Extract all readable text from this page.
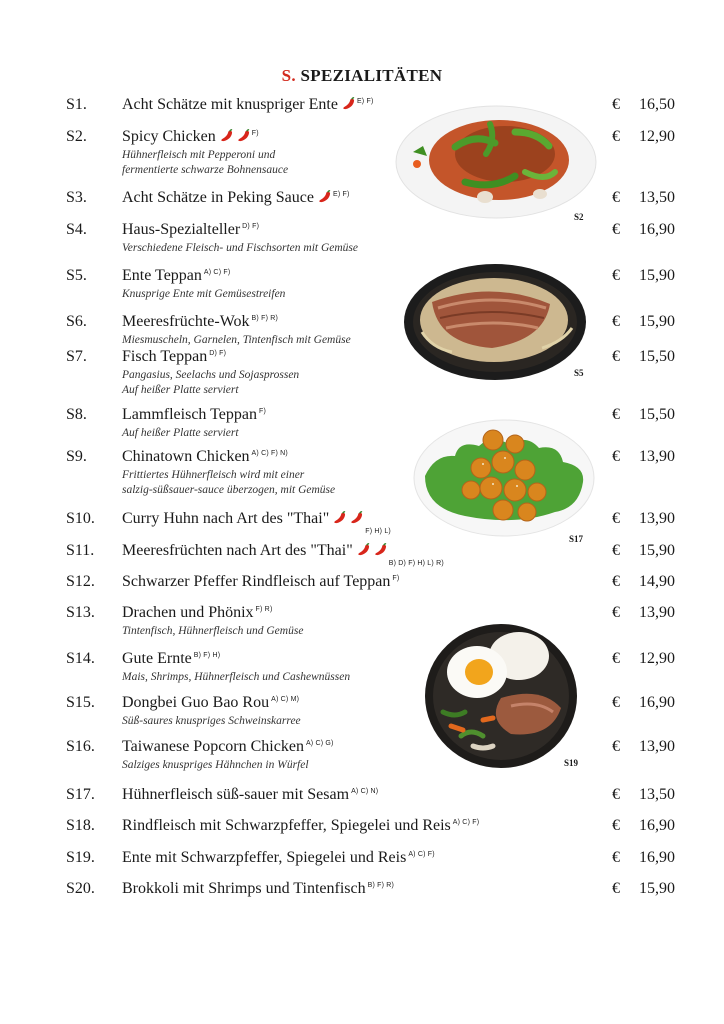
S. SPEZIALITÄTEN
S2
S5
S17
S19
S1. Acht Schätze mit knuspriger Ente	$^{E) F)}$	€ 16,50
S2. Spicy Chicken	$^{F)}$
Hühnerfleisch mit Pepperoni und
fermentierte schwarze Bohnensauce
€ 12,90
S3. Acht Schätze in Peking Sauce	$^{E) F)}$	€ 13,50
S4. Haus-Spezialteller $^{D) F)}$
Verschiedene Fleisch- und Fischsorten mit Gemüse
€ 16,90
S5. Ente Teppan $^{A) C) F)}$
Knusprige Ente mit Gemüsestreifen
€ 15,90
S6. Meeresfrüchte-Wok $^{B) F) R)}$
Miesmuscheln, Garnelen, Tintenfisch mit Gemüse
€ 15,90
S7. Fisch Teppan $^{D) F)}$
Pangasius, Seelachs und Sojasprossen
Auf heißer Platte serviert
€ 15,50
S8. Lammfleisch Teppan $^{F)}$
Auf heißer Platte serviert
€ 15,50
S9. Chinatown Chicken $^{A) C) F) N)}$
Frittiertes Hühnerfleisch wird mit einer
salzig-süßsauer-sauce überzogen, mit Gemüse
€ 13,90
S10. Curry Huhn nach Art des "$Thai"_{F) H) L)}$
€ 13,90
S11. Meeresfrüchten nach Art des "$Thai"_{B) D) F) H) L) R)}$
€ 15,90
S12. Schwarzer Pfeffer Rindfleisch auf Teppan $^{F)}$	€ 14,90
S13. Drachen und Phönix $^{F) R)}$
Tintenfisch, Hühnerfleisch und Gemüse
€ 13,90
S14. Gute Ernte $^{B) F) H)}$
Mais, Shrimps, Hühnerfleisch und Cashewnüssen
€ 12,90
S15. Dongbei Guo Bao Rou $^{A) C) M)}$
Süß-saures knuspriges Schweinskarree
€ 16,90
S16. Taiwanese Popcorn Chicken $^{A) C) G)}$
Salziges knuspriges Hähnchen in Würfel
€ 13,90
S17. Hühnerfleisch süß-sauer mit Sesam $^{A) C) N)}$	€ 13,50
S18. Rindfleisch mit Schwarzpfeffer, Spiegelei und Reis $^{A) C) F)}$	€ 16,90
S19. Ente mit Schwarzpfeffer, Spiegelei und Reis $^{A) C) F)}$	€ 16,90
S20. Brokkoli mit Shrimps und Tintenfisch $^{B) F) R)}$	€ 15,90
